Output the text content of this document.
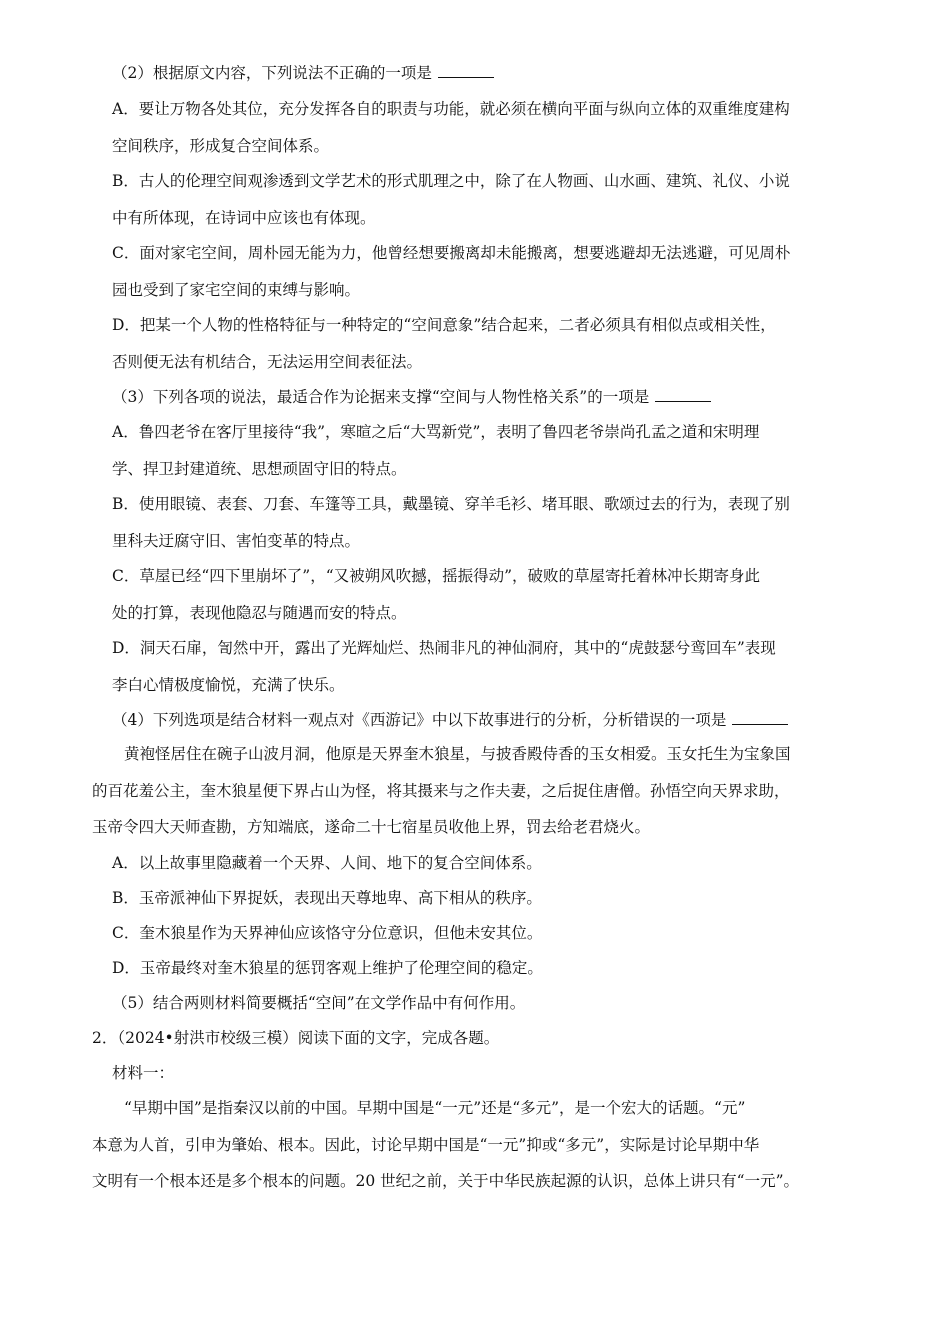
（2）根据原文内容，下列说法不正确的一项是
A．要让万物各处其位，充分发挥各自的职责与功能，就必须在横向平面与纵向立体的双重维度建构
空间秩序，形成复合空间体系。
B．古人的伦理空间观渗透到文学艺术的形式肌理之中，除了在人物画、山水画、建筑、礼仪、小说
中有所体现，在诗词中应该也有体现。
C．面对家宅空间，周朴园无能为力，他曾经想要搬离却未能搬离，想要逃避却无法逃避，可见周朴
园也受到了家宅空间的束缚与影响。
D．把某一个人物的性格特征与一种特定的“空间意象”结合起来，二者必须具有相似点或相关性，
否则便无法有机结合，无法运用空间表征法。
（3）下列各项的说法，最适合作为论据来支撑“空间与人物性格关系”的一项是
A．鲁四老爷在客厅里接待“我”，寒暄之后“大骂新党”，表明了鲁四老爷崇尚孔孟之道和宋明理
学、捍卫封建道统、思想顽固守旧的特点。
B．使用眼镜、表套、刀套、车篷等工具，戴墨镜、穿羊毛衫、堵耳眼、歌颂过去的行为，表现了别
里科夫迂腐守旧、害怕变革的特点。
C．草屋已经“四下里崩坏了”，“又被朔风吹撼，摇振得动”，破败的草屋寄托着林冲长期寄身此
处的打算，表现他隐忍与随遇而安的特点。
D．洞天石扉，訇然中开，露出了光辉灿烂、热闹非凡的神仙洞府，其中的“虎鼓瑟兮鸾回车”表现
李白心情极度愉悦，充满了快乐。
（4）下列选项是结合材料一观点对《西游记》中以下故事进行的分析，分析错误的一项是
黄袍怪居住在碗子山波月洞，他原是天界奎木狼星，与披香殿侍香的玉女相爱。玉女托生为宝象国
的百花羞公主，奎木狼星便下界占山为怪，将其摄来与之作夫妻，之后捉住唐僧。孙悟空向天界求助，
玉帝令四大天师查勘，方知端底，遂命二十七宿星员收他上界，罚去给老君烧火。
A．以上故事里隐藏着一个天界、人间、地下的复合空间体系。
B．玉帝派神仙下界捉妖，表现出天尊地卑、高下相从的秩序。
C．奎木狼星作为天界神仙应该恪守分位意识，但他未安其位。
D．玉帝最终对奎木狼星的惩罚客观上维护了伦理空间的稳定。
（5）结合两则材料简要概括“空间”在文学作品中有何作用。
2．（2024•射洪市校级三模）阅读下面的文字，完成各题。
材料一：
“早期中国”是指秦汉以前的中国。早期中国是“一元”还是“多元”，是一个宏大的话题。“元”
本意为人首，引申为肇始、根本。因此，讨论早期中国是“一元”抑或“多元”，实际是讨论早期中华
文明有一个根本还是多个根本的问题。20 世纪之前，关于中华民族起源的认识，总体上讲只有“一元”。
